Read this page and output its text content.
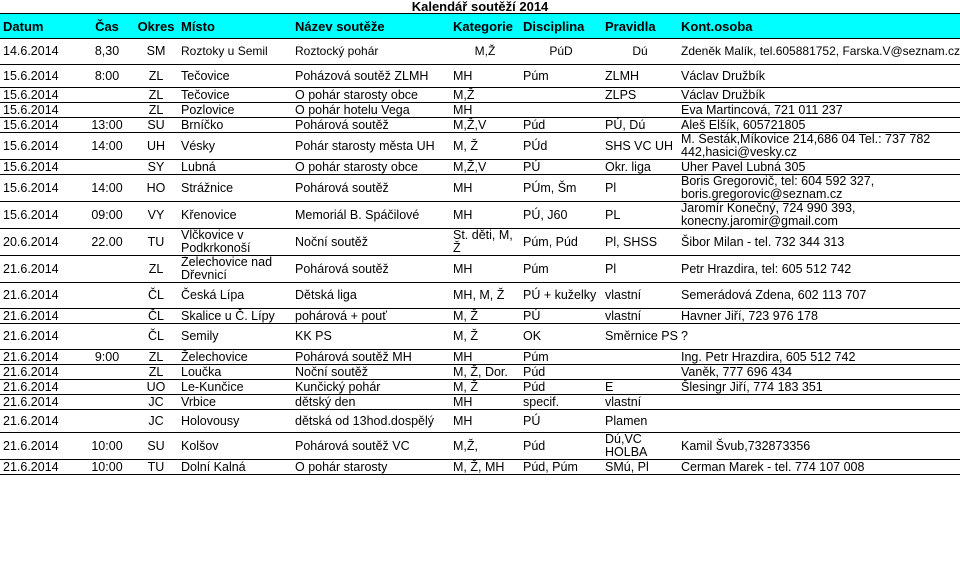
Kalendář soutěží 2014
Datum	Čas	Okres	Místo	Název soutěže	Kategorie	Disciplina	Pravidla	Kont.osoba
14.6.2014	8,30	SM	Roztoky u Semil	Roztocký pohár	M,Ž	PúD	Dú	Zdeněk Malík, tel.605881752, Farska.V@seznam.cz
15.6.2014	8:00	ZL	Tečovice	Poházová soutěž ZLMH	MH	Púm	ZLMH	Václav Družbík
15.6.2014		ZL	Tečovice	O pohár starosty obce	M,Ž		ZLPS	Václav Družbík
15.6.2014		ZL	Pozlovice	O pohár hotelu Vega	MH			Eva Martincová, 721 011 237
15.6.2014	13:00	SU	Brníčko	Pohárová soutěž	M,Ž,V	Púd	PÚ, Dú	Aleš Elšík, 605721805
15.6.2014	14:00	UH	Vésky	Pohár starosty města UH	M, Ž	PÚd	SHS VC UH	M. Šesták,Míkovice 214,686 04 Tel.: 737 782 442,hasici@vesky.cz
15.6.2014		SY	Lubná	O pohár starosty obce	M,Ž,V	PÚ	Okr. liga	Uher Pavel Lubná 305
15.6.2014	14:00	HO	Strážnice	Pohárová soutěž	MH	PÚm, Šm	Pl	Boris Gregorovič, tel: 604 592 327, boris.gregorovic@seznam.cz
15.6.2014	09:00	VY	Křenovice	Memoriál B. Spáčilové	MH	PÚ, J60	PL	Jaromír Konečný, 724 990 393, konecny.jaromir@gmail.com
20.6.2014	22.00	TU	Vlčkovice v Podkrkonoší	Noční soutěž	St. děti, M, Ž	Púm, Púd	Pl, SHSS	Šibor Milan - tel. 732 344 313
21.6.2014		ZL	Želechovice nad Dřevnicí	Pohárová soutěž	MH	Púm	Pl	Petr Hrazdira, tel: 605 512 742
21.6.2014		ČL	Česká Lípa	Dětská liga	MH, M, Ž	PÚ + kuželky	vlastní	Semerádová Zdena, 602 113 707
21.6.2014		ČL	Skalice u Č. Lípy	pohárová + pouť	M, Ž	PÚ	vlastní	Havner Jiří, 723 976 178
21.6.2014		ČL	Semily	KK PS	M, Ž	OK	Směrnice PS	?
21.6.2014	9:00	ZL	Želechovice	Pohárová soutěž MH	MH	Púm		Ing. Petr Hrazdira, 605 512 742
21.6.2014		ZL	Loučka	Noční soutěž	M, Ž, Dor.	Púd		Vaněk, 777 696 434
21.6.2014		UO	Le-Kunčice	Kunčický pohár	M, Ž	Púd	E	Šlesingr Jiří, 774 183 351
21.6.2014		JC	Vrbice	dětský den	MH	specif.	vlastní	
21.6.2014		JC	Holovousy	dětská od 13hod.dospělý	MH	PÚ	Plamen	
21.6.2014	10:00	SU	Kolšov	Pohárová soutěž VC	M,Ž,	Púd	Dú,VC HOLBA	Kamil Švub,732873356
21.6.2014	10:00	TU	Dolní Kalná	O pohár starosty	M, Ž, MH	Púd, Púm	SMú, Pl	Cerman Marek - tel. 774 107 008
